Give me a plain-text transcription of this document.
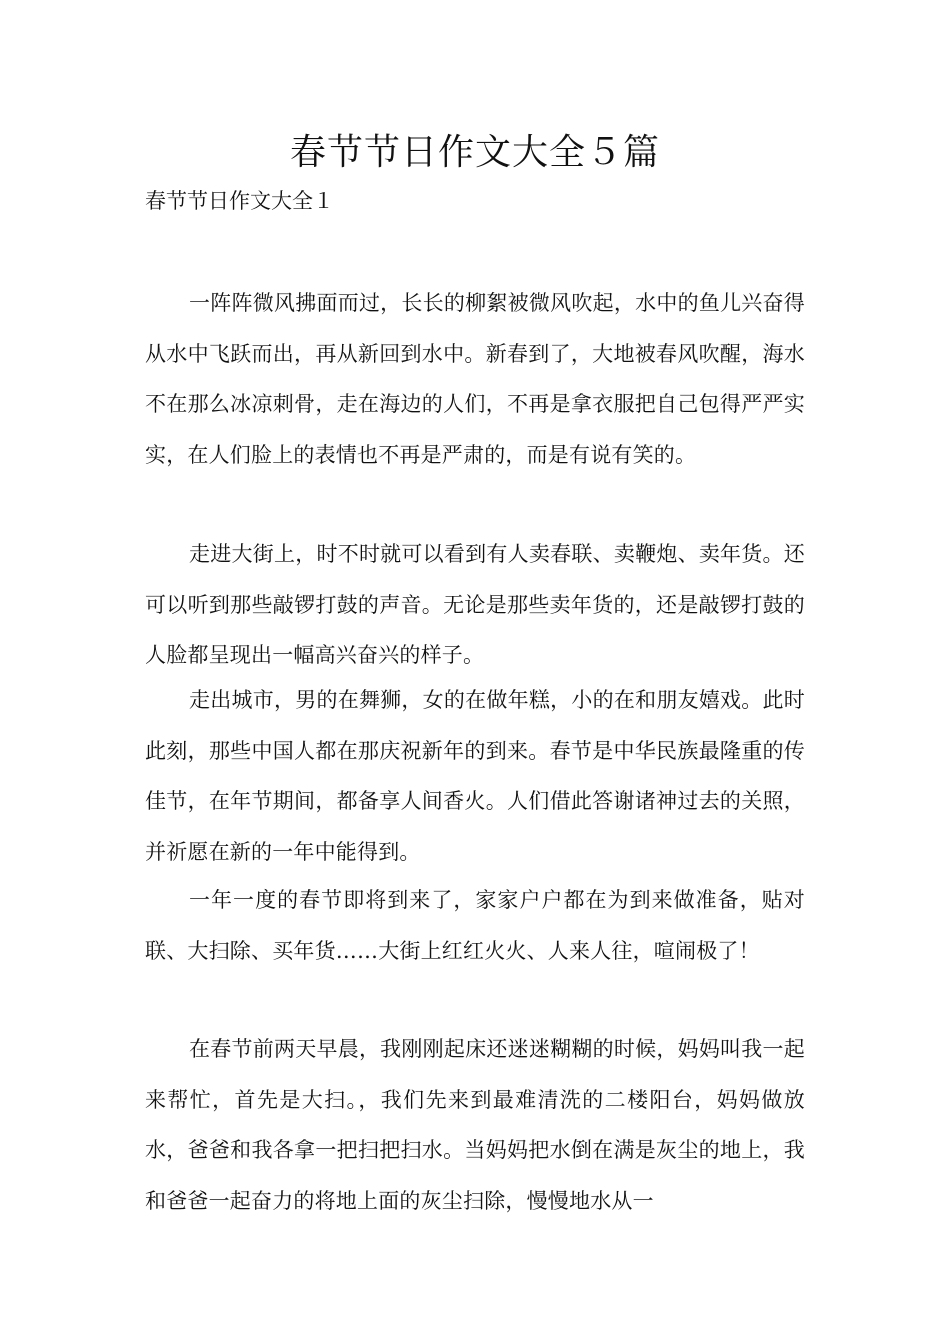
春节节日作文大全５篇

春节节日作文大全１

一阵阵微风拂面而过，长长的柳絮被微风吹起，水中的鱼儿兴奋得从水中飞跃而出，再从新回到水中。新春到了，大地被春风吹醒，海水不在那么冰凉刺骨，走在海边的人们，不再是拿衣服把自己包得严严实实，在人们脸上的表情也不再是严肃的，而是有说有笑的。

走进大街上，时不时就可以看到有人卖春联、卖鞭炮、卖年货。还可以听到那些敲锣打鼓的声音。无论是那些卖年货的，还是敲锣打鼓的人脸都呈现出一幅高兴奋兴的样子。

走出城市，男的在舞狮，女的在做年糕，小的在和朋友嬉戏。此时此刻，那些中国人都在那庆祝新年的到来。春节是中华民族最隆重的传佳节，在年节期间，都备享人间香火。人们借此答谢诸神过去的关照，并祈愿在新的一年中能得到。

一年一度的春节即将到来了，家家户户都在为到来做准备，贴对联、大扫除、买年货……大街上红红火火、人来人往，喧闹极了！

在春节前两天早晨，我刚刚起床还迷迷糊糊的时候，妈妈叫我一起来帮忙，首先是大扫。，我们先来到最难清洗的二楼阳台，妈妈做放水，爸爸和我各拿一把扫把扫水。当妈妈把水倒在满是灰尘的地上，我和爸爸一起奋力的将地上面的灰尘扫除，慢慢地水从一
